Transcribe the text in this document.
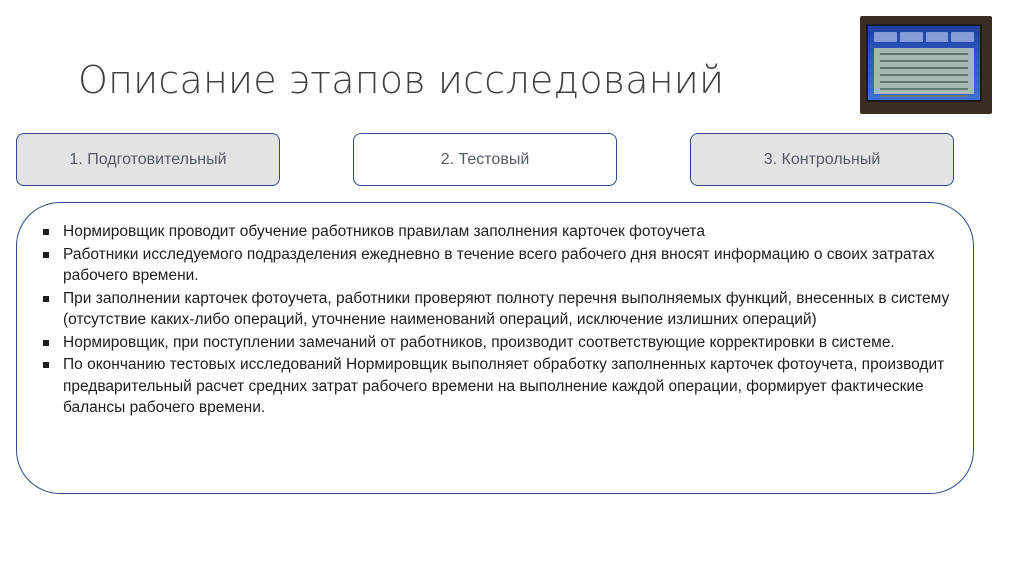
Описание этапов исследований
1. Подготовительный	2. Тестовый	3. Контрольный
Нормировщик проводит обучение работников правилам заполнения карточек фотоучета
Работники исследуемого подразделения ежедневно в течение всего рабочего дня вносят информацию о своих затратах рабочего времени.
При заполнении карточек фотоучета, работники проверяют полноту перечня выполняемых функций, внесенных в систему (отсутствие каких-либо операций, уточнение наименований операций, исключение излишних операций)
Нормировщик, при поступлении замечаний от работников, производит соответствующие корректировки в системе.
По окончанию тестовых исследований Нормировщик выполняет обработку заполненных карточек фотоучета, производит предварительный расчет средних затрат рабочего времени на выполнение каждой операции, формирует фактические балансы рабочего времени.
